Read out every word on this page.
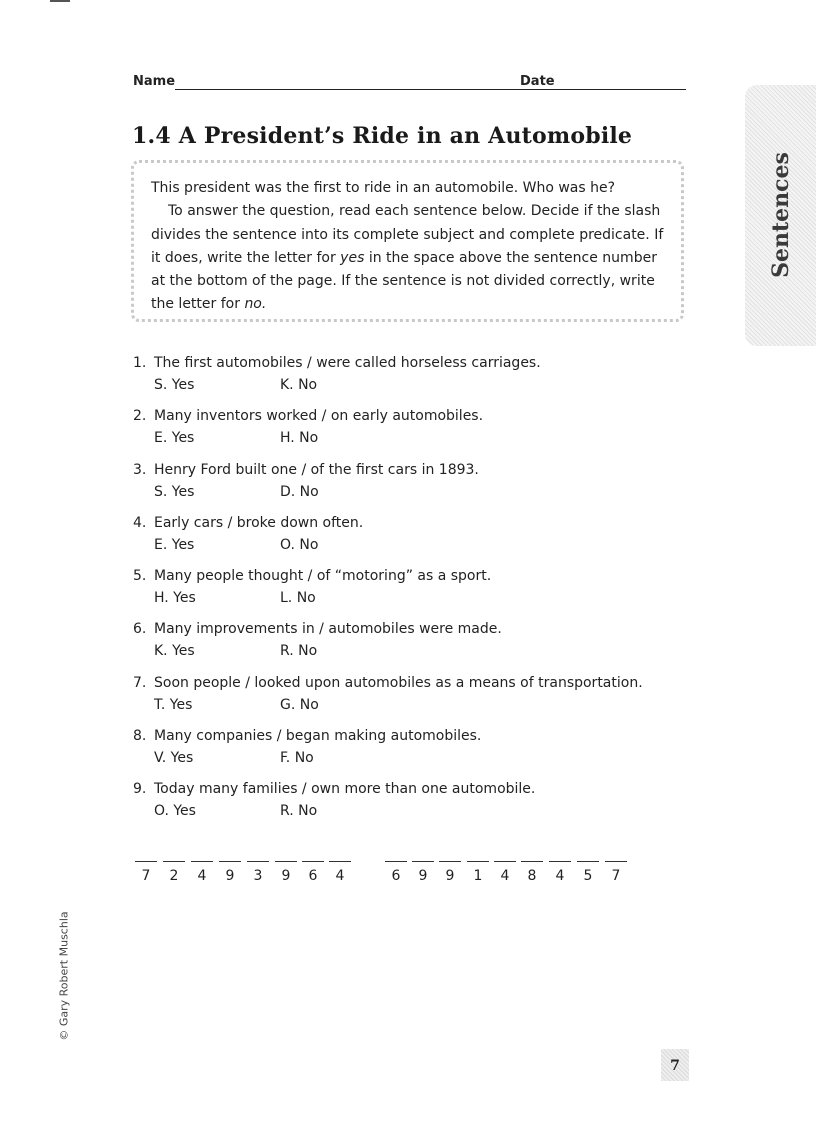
Name	Date
1.4 A President’s Ride in an Automobile
Sentences

This president was the first to ride in an automobile. Who was he?

To answer the question, read each sentence below. Decide if the slash divides the sentence into its complete subject and complete predicate. If it does, write the letter for yes in the space above the sentence number at the bottom of the page. If the sentence is not divided correctly, write the letter for no.

1. The first automobiles / were called horseless carriages.
S. Yes	K. No
2. Many inventors worked / on early automobiles.
E. Yes	H. No
3. Henry Ford built one / of the first cars in 1893.
S. Yes	D. No
4. Early cars / broke down often.
E. Yes	O. No
5. Many people thought / of “motoring” as a sport.
H. Yes	L. No
6. Many improvements in / automobiles were made.
K. Yes	R. No
7. Soon people / looked upon automobiles as a means of transportation.
T. Yes	G. No
8. Many companies / began making automobiles.
V. Yes	F. No
9. Today many families / own more than one automobile.
O. Yes	R. No
7	2	4	9	3	9	6	4	6	9	9	1	4	8	4	5	7
© Gary Robert Muschla
7
